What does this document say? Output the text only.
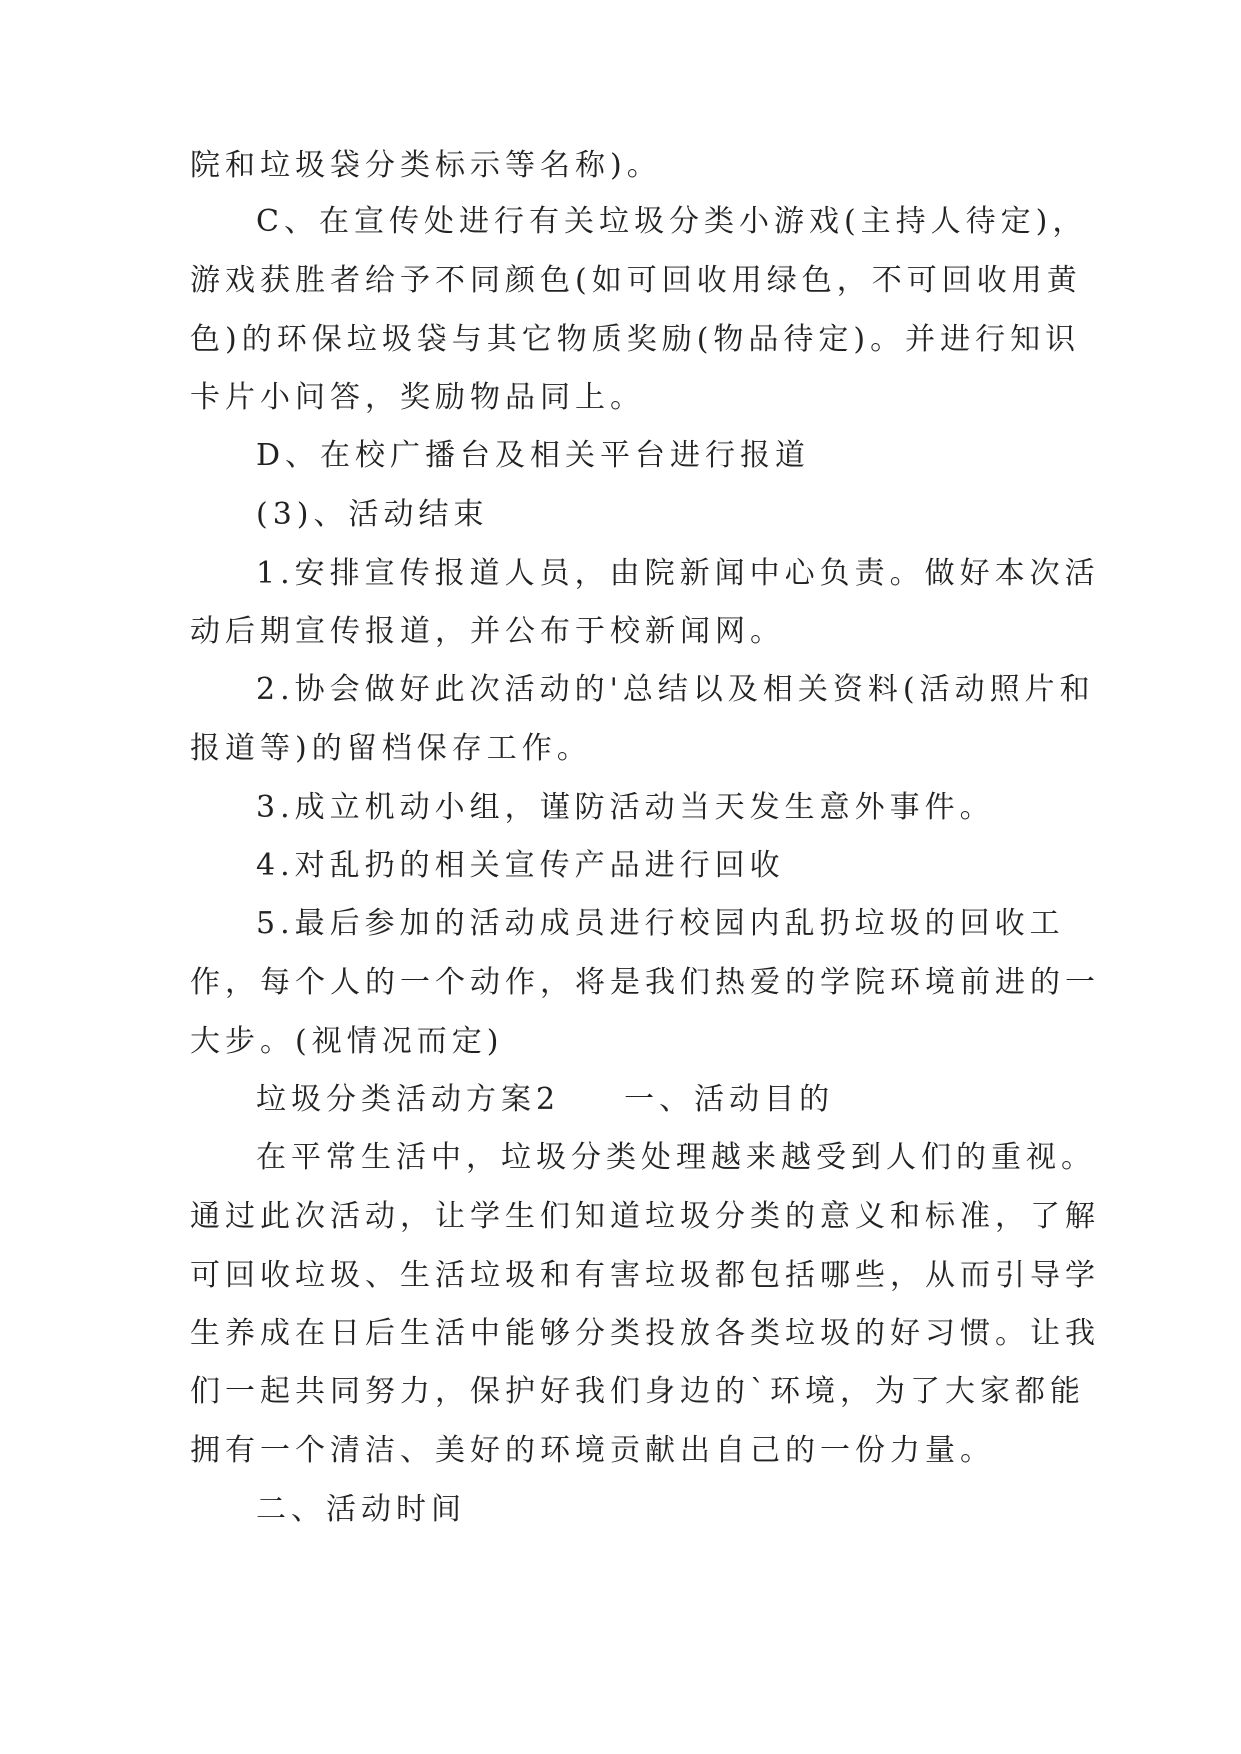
院和垃圾袋分类标示等名称)。
C、在宣传处进行有关垃圾分类小游戏(主持人待定)，
游戏获胜者给予不同颜色(如可回收用绿色，不可回收用黄
色)的环保垃圾袋与其它物质奖励(物品待定)。并进行知识
卡片小问答，奖励物品同上。
D、在校广播台及相关平台进行报道
(3)、活动结束
1.安排宣传报道人员，由院新闻中心负责。做好本次活
动后期宣传报道，并公布于校新闻网。
2.协会做好此次活动的'总结以及相关资料(活动照片和
报道等)的留档保存工作。
3.成立机动小组，谨防活动当天发生意外事件。
4.对乱扔的相关宣传产品进行回收
5.最后参加的活动成员进行校园内乱扔垃圾的回收工
作，每个人的一个动作，将是我们热爱的学院环境前进的一
大步。(视情况而定)
垃圾分类活动方案2 一、活动目的
在平常生活中，垃圾分类处理越来越受到人们的重视。
通过此次活动，让学生们知道垃圾分类的意义和标准，了解
可回收垃圾、生活垃圾和有害垃圾都包括哪些，从而引导学
生养成在日后生活中能够分类投放各类垃圾的好习惯。让我
们一起共同努力，保护好我们身边的`环境，为了大家都能
拥有一个清洁、美好的环境贡献出自己的一份力量。
二、活动时间
